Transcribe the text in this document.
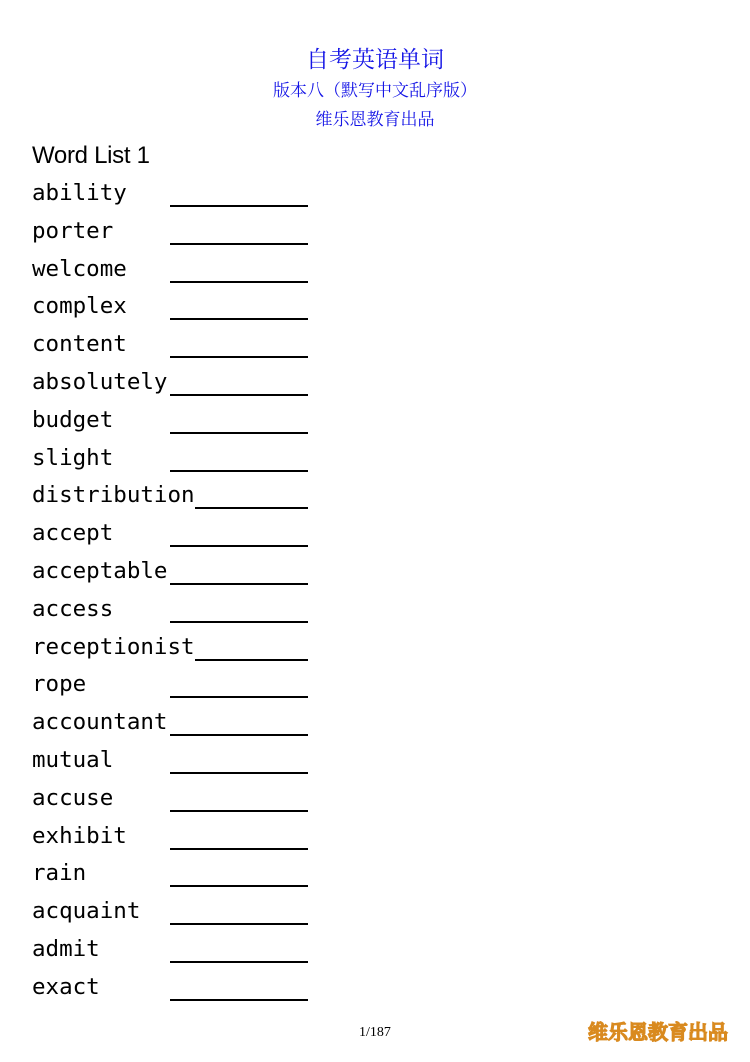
自考英语单词
版本八（默写中文乱序版）
维乐恩教育出品
Word List 1
ability
porter
welcome
complex
content
absolutely
budget
slight
distribution
accept
acceptable
access
receptionist
rope
accountant
mutual
accuse
exhibit
rain
acquaint
admit
exact
1/187	维乐恩教育出品
